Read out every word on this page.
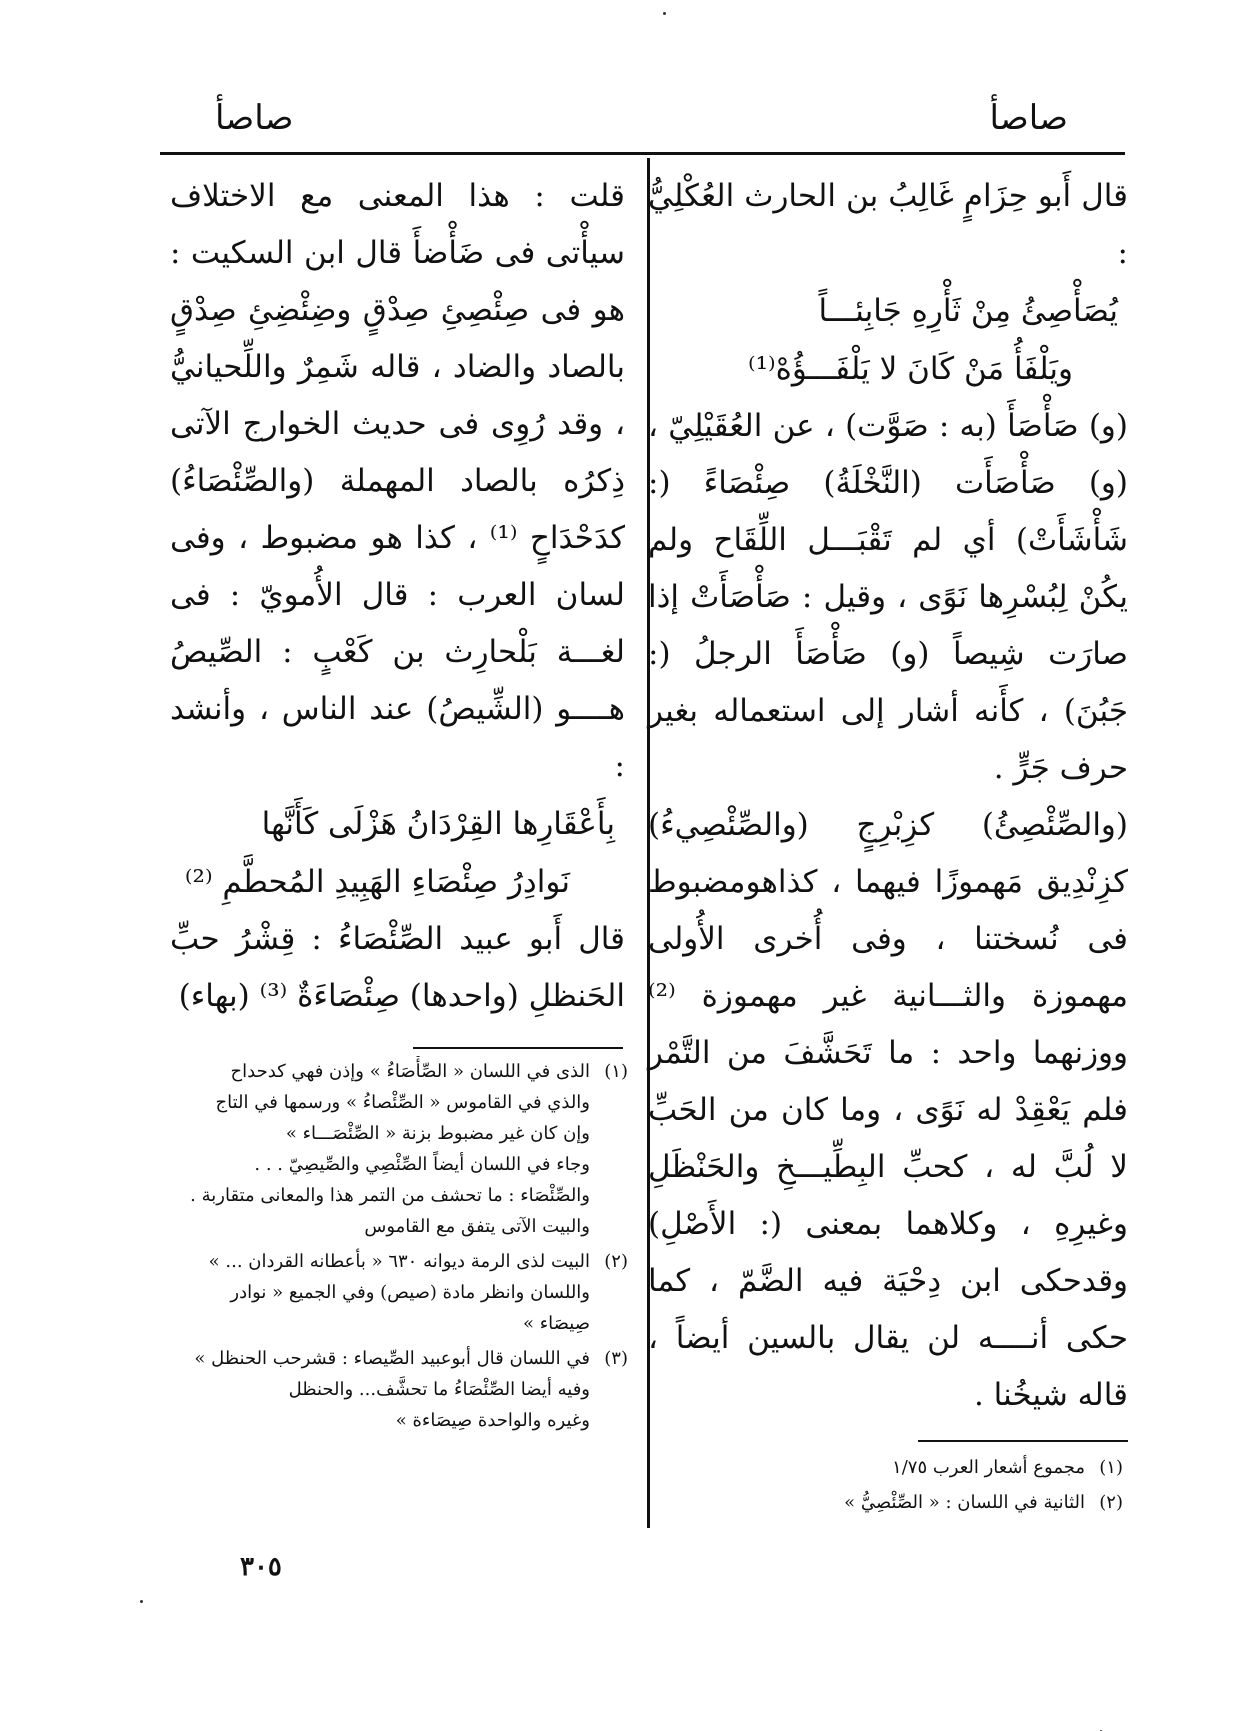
صاصأ
صاصأ

قال أَبو حِزَامٍ غَالِبُ بن الحارث العُكْلِيُّ :

يُصَأْصِئُ مِنْ ثَأْرِهِ جَابِئـــاً
ويَلْفَأُ مَنْ كَانَ لا يَلْفَـــؤُهْ⁽¹⁾

(و) صَأْصَأَ (به : صَوَّت) ، عن العُقَيْلِيّ ، (و) صَأْصَأَت (النَّخْلَةُ) صِئْصَاءً (: شَأْشَأَتْ) أي لم تَقْبَـــل اللِّقَاح ولم يكُنْ لِبُسْرِها نَوًى ، وقيل : صَأْصَأَتْ إذا صارَت شِيصاً (و) صَأْصَأَ الرجلُ (: جَبُنَ) ، كأَنه أشار إلى استعماله بغير حرف جَرٍّ .

(والصِّئْصِئُ) كزِبْرِجٍ (والصِّئْصِيءُ) كزِنْدِيق مَهموزًا فيهما ، كذاهومضبوط فى نُسختنا ، وفى أُخرى الأُولى مهموزة والثـــانية غير مهموزة ⁽²⁾ ووزنهما واحد : ما تَحَشَّفَ من التَّمْر فلم يَعْقِدْ له نَوًى ، وما كان من الحَبِّ لا لُبَّ له ، كحبِّ البِطِّيـــخِ والحَنْظَلِ وغيرِهِ ، وكلاهما بمعنى (: الأَصْلِ) وقدحكى ابن دِحْيَة فيه الضَّمّ ، كما حكى أنــــه لن يقال بالسين أيضاً ، قاله شيخُنا .

(١)
مجموع أشعار العرب ١/٧٥
(٢)
الثانية في اللسان : « الصِّئْصِيُّ »

قلت : هذا المعنى مع الاختلاف سيأْتى فى ضَأْضأَ قال ابن السكيت : هو فى صِئْصِئِ صِدْقٍ وضِئْضِئِ صِدْقٍ بالصاد والضاد ، قاله شَمِرٌ واللِّحيانيُّ ، وقد رُوِى فى حديث الخوارج الآتى ذِكرُه بالصاد المهملة (والصِّئْصَاءُ) كدَحْدَاحٍ ⁽¹⁾ ، كذا هو مضبوط ، وفى لسان العرب : قال الأُمويّ : فى لغـــة بَلْحارِث بن كَعْبٍ : الصِّيصُ هــــو (الشِّيصُ) عند الناس ، وأنشد :

بِأَعْقَارِها القِرْدَانُ هَزْلَى كَأَنَّها
نَوادِرُ صِئْصَاءِ الهَبِيدِ المُحطَّمِ ⁽²⁾

قال أَبو عبيد الصِّئْصَاءُ : قِشْرُ حبِّ الحَنظلِ (واحدها) صِئْصَاءَةٌ ⁽³⁾ (بهاء)

(١)
الذى في اللسان « الصِّأْصَاءُ » وإذن فهي كدحداح
والذي في القاموس « الصِّئْصاءُ » ورسمها في التاج
وإن كان غير مضبوط بزنة « الصِّئْصَـــاء »
وجاء في اللسان أيضاً الصِّئْصِي والصِّيصِيّ . . .
والصِّئْصَاء : ما تحشف من التمر هذا والمعانى متقاربة .
والبيت الآتى يتفق مع القاموس
(٢)
البيت لذى الرمة ديوانه ٦٣٠ « بأعطانه القردان ... »
واللسان وانظر مادة (صيص) وفي الجميع « نوادر
صِيصَاء »
(٣)
في اللسان قال أبوعبيد الصِّيصاء : قشرحب الحنظل »
وفيه أيضا الصِّئْصَاءُ ما تحشَّف... والحنظل
وغيره والواحدة صِيصَاءة »
٣٠٥
